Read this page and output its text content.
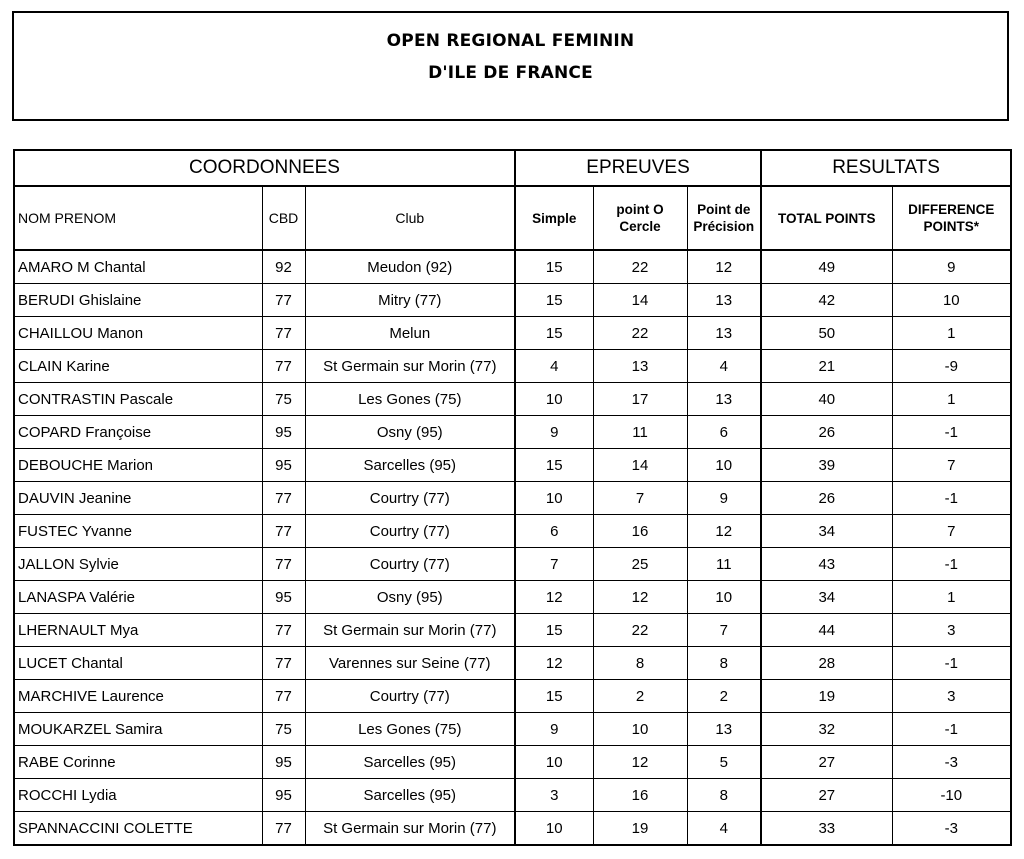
OPEN REGIONAL FEMININ
D'ILE DE FRANCE
COORDONNEES			EPREUVES			RESULTATS	
NOM PRENOM	CBD	Club	Simple	point O Cercle	Point de Précision	TOTAL POINTS	DIFFERENCE POINTS*
AMARO M Chantal	92	Meudon (92)	15	22	12	49	9
BERUDI Ghislaine	77	Mitry (77)	15	14	13	42	10
CHAILLOU Manon	77	Melun	15	22	13	50	1
CLAIN Karine	77	St Germain sur Morin (77)	4	13	4	21	-9
CONTRASTIN Pascale	75	Les Gones (75)	10	17	13	40	1
COPARD Françoise	95	Osny (95)	9	11	6	26	-1
DEBOUCHE Marion	95	Sarcelles (95)	15	14	10	39	7
DAUVIN Jeanine	77	Courtry (77)	10	7	9	26	-1
FUSTEC Yvanne	77	Courtry (77)	6	16	12	34	7
JALLON Sylvie	77	Courtry (77)	7	25	11	43	-1
LANASPA Valérie	95	Osny (95)	12	12	10	34	1
LHERNAULT Mya	77	St Germain sur Morin (77)	15	22	7	44	3
LUCET Chantal	77	Varennes sur Seine (77)	12	8	8	28	-1
MARCHIVE Laurence	77	Courtry (77)	15	2	2	19	3
MOUKARZEL Samira	75	Les Gones (75)	9	10	13	32	-1
RABE Corinne	95	Sarcelles (95)	10	12	5	27	-3
ROCCHI Lydia	95	Sarcelles (95)	3	16	8	27	-10
SPANNACCINI COLETTE	77	St Germain sur Morin (77)	10	19	4	33	-3
